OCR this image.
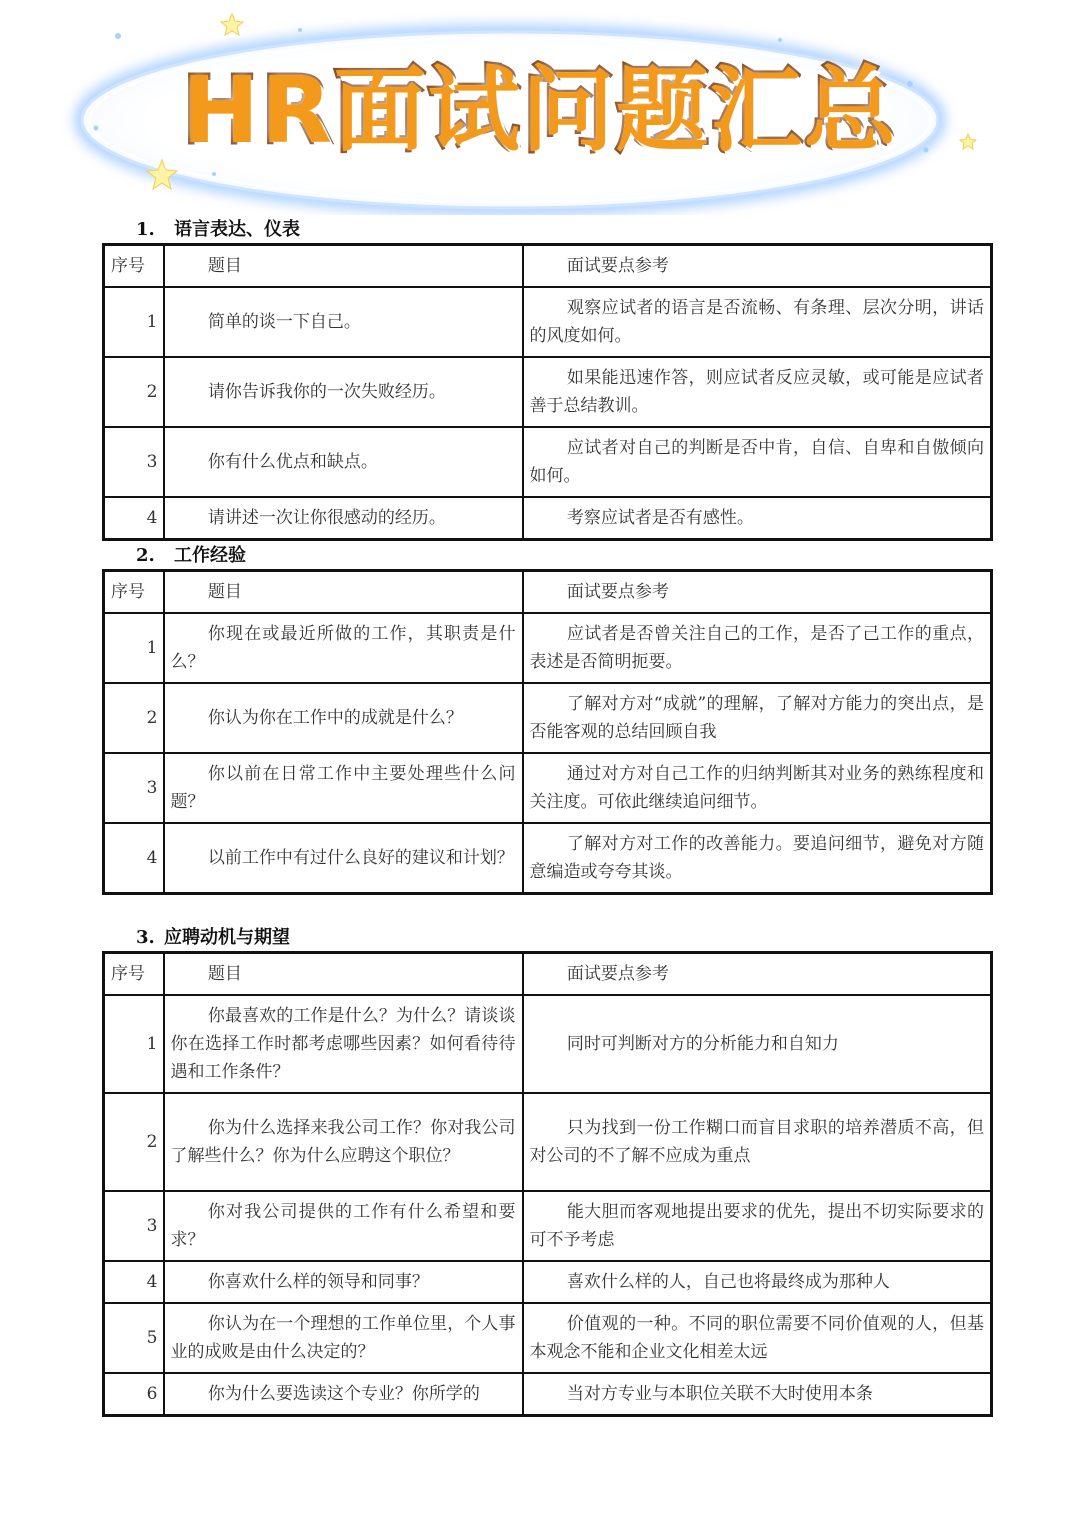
HR面试问题汇总
1. 语言表达、仪表
序号	题目	面试要点参考
1	简单的谈一下自己。	观察应试者的语言是否流畅、有条理、层次分明，讲话的风度如何。
2	请你告诉我你的一次失败经历。	如果能迅速作答，则应试者反应灵敏，或可能是应试者善于总结教训。
3	你有什么优点和缺点。	应试者对自己的判断是否中肯，自信、自卑和自傲倾向如何。
4	请讲述一次让你很感动的经历。	考察应试者是否有感性。
2. 工作经验
序号	题目	面试要点参考
1	你现在或最近所做的工作，其职责是什么？	应试者是否曾关注自己的工作，是否了己工作的重点，表述是否简明扼要。
2	你认为你在工作中的成就是什么？	了解对方对“成就”的理解，了解对方能力的突出点，是否能客观的总结回顾自我
3	你以前在日常工作中主要处理些什么问题？	通过对方对自己工作的归纳判断其对业务的熟练程度和关注度。可依此继续追问细节。
4	以前工作中有过什么良好的建议和计划？	了解对方对工作的改善能力。要追问细节，避免对方随意编造或夸夸其谈。
3. 应聘动机与期望
序号	题目	面试要点参考
1	你最喜欢的工作是什么？为什么？请谈谈你在选择工作时都考虑哪些因素？如何看待待遇和工作条件？	同时可判断对方的分析能力和自知力
2	你为什么选择来我公司工作？你对我公司了解些什么？你为什么应聘这个职位？	只为找到一份工作糊口而盲目求职的培养潜质不高，但对公司的不了解不应成为重点
3	你对我公司提供的工作有什么希望和要求？	能大胆而客观地提出要求的优先，提出不切实际要求的可不予考虑
4	你喜欢什么样的领导和同事？	喜欢什么样的人，自己也将最终成为那种人
5	你认为在一个理想的工作单位里，个人事业的成败是由什么决定的？	价值观的一种。不同的职位需要不同价值观的人，但基本观念不能和企业文化相差太远
6	你为什么要选读这个专业？你所学的	当对方专业与本职位关联不大时使用本条
